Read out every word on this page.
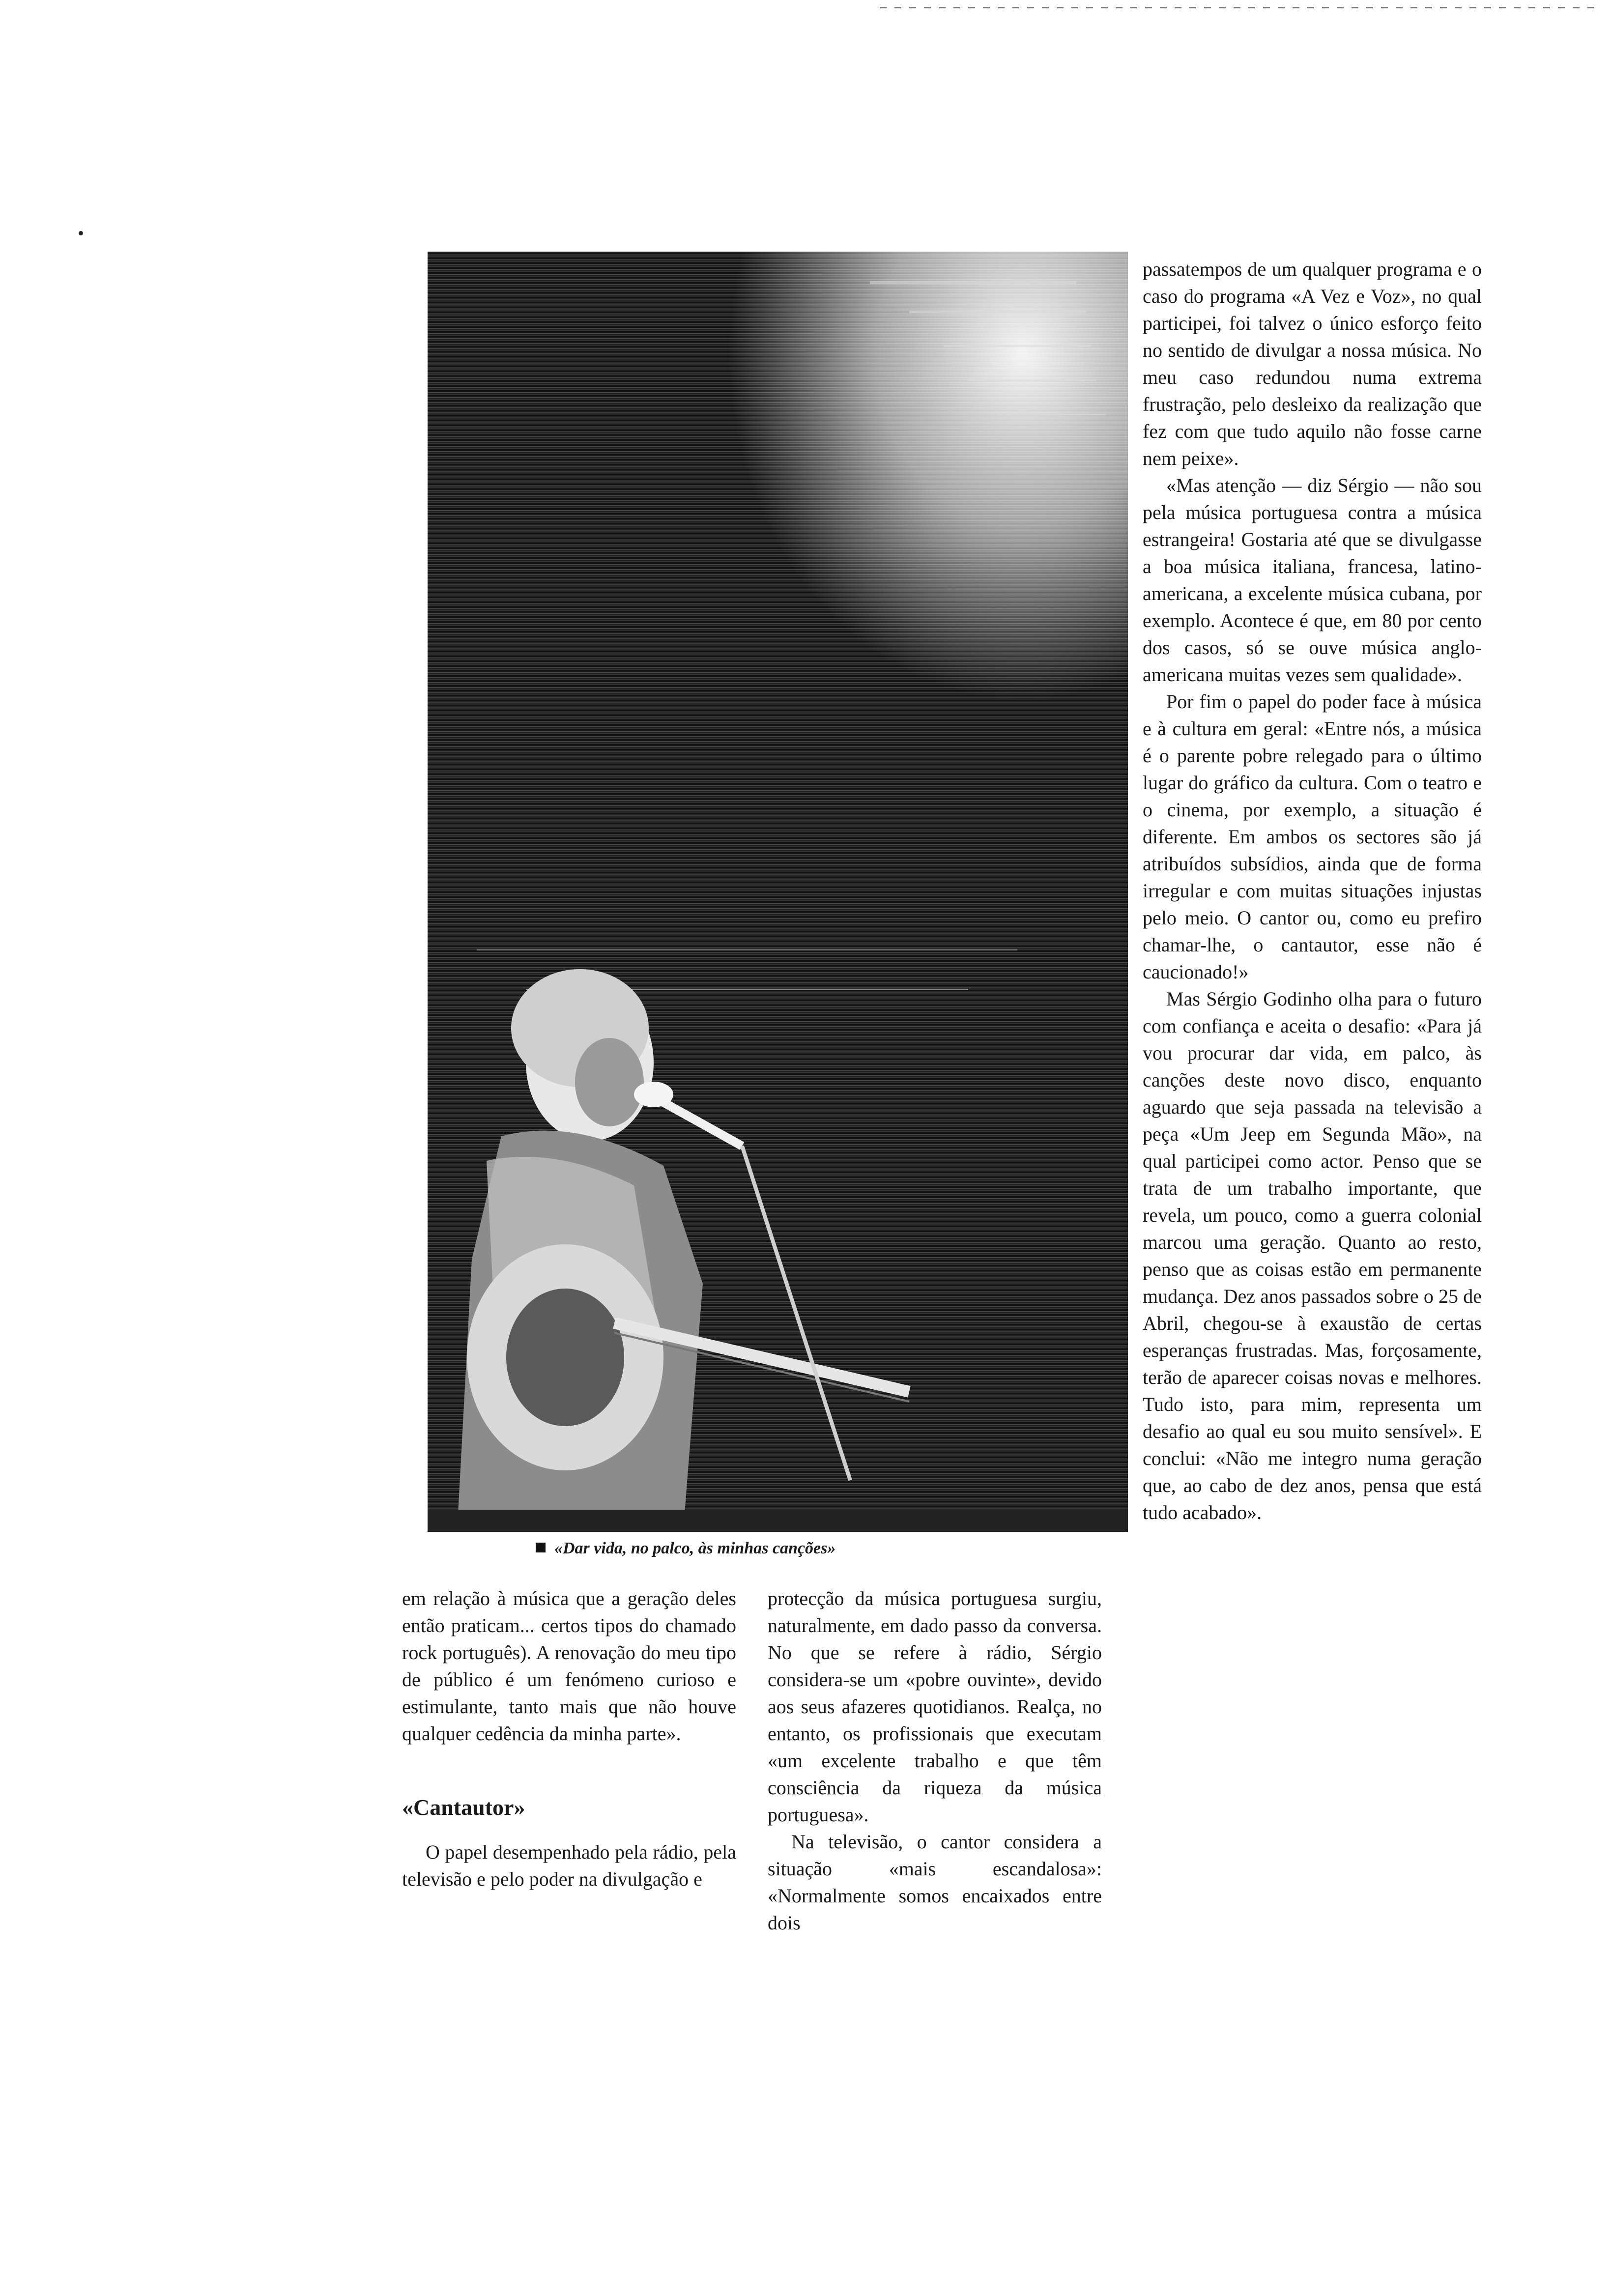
«Dar vida, no palco, às minhas canções»

em relação à música que a geração deles então praticam... certos tipos do chamado rock português). A renovação do meu tipo de público é um fenómeno curioso e estimulante, tanto mais que não houve qualquer cedência da minha parte».

«Cantautor»

O papel desempenhado pela rádio, pela televisão e pelo poder na divulgação e

protecção da música portuguesa surgiu, naturalmente, em dado passo da conversa. No que se refere à rádio, Sérgio considera-se um «pobre ouvinte», devido aos seus afazeres quotidianos. Realça, no entanto, os profissionais que executam «um excelente trabalho e que têm consciência da riqueza da música portuguesa».

Na televisão, o cantor considera a situação «mais escandalosa»: «Normalmente somos encaixados entre dois

passatempos de um qualquer programa e o caso do programa «A Vez e Voz», no qual participei, foi talvez o único esforço feito no sentido de divulgar a nossa música. No meu caso redundou numa extrema frustração, pelo desleixo da realização que fez com que tudo aquilo não fosse carne nem peixe».

«Mas atenção — diz Sérgio — não sou pela música portuguesa contra a música estrangeira! Gostaria até que se divulgasse a boa música italiana, francesa, latino-americana, a excelente música cubana, por exemplo. Acontece é que, em 80 por cento dos casos, só se ouve música anglo-americana muitas vezes sem qualidade».

Por fim o papel do poder face à música e à cultura em geral: «Entre nós, a música é o parente pobre relegado para o último lugar do gráfico da cultura. Com o teatro e o cinema, por exemplo, a situação é diferente. Em ambos os sectores são já atribuídos subsídios, ainda que de forma irregular e com muitas situações injustas pelo meio. O cantor ou, como eu prefiro chamar-lhe, o cantautor, esse não é caucionado!»

Mas Sérgio Godinho olha para o futuro com confiança e aceita o desafio: «Para já vou procurar dar vida, em palco, às canções deste novo disco, enquanto aguardo que seja passada na televisão a peça «Um Jeep em Segunda Mão», na qual participei como actor. Penso que se trata de um trabalho importante, que revela, um pouco, como a guerra colonial marcou uma geração. Quanto ao resto, penso que as coisas estão em permanente mudança. Dez anos passados sobre o 25 de Abril, chegou-se à exaustão de certas esperanças frustradas. Mas, forçosamente, terão de aparecer coisas novas e melhores. Tudo isto, para mim, representa um desafio ao qual eu sou muito sensível». E conclui: «Não me integro numa geração que, ao cabo de dez anos, pensa que está tudo acabado».
